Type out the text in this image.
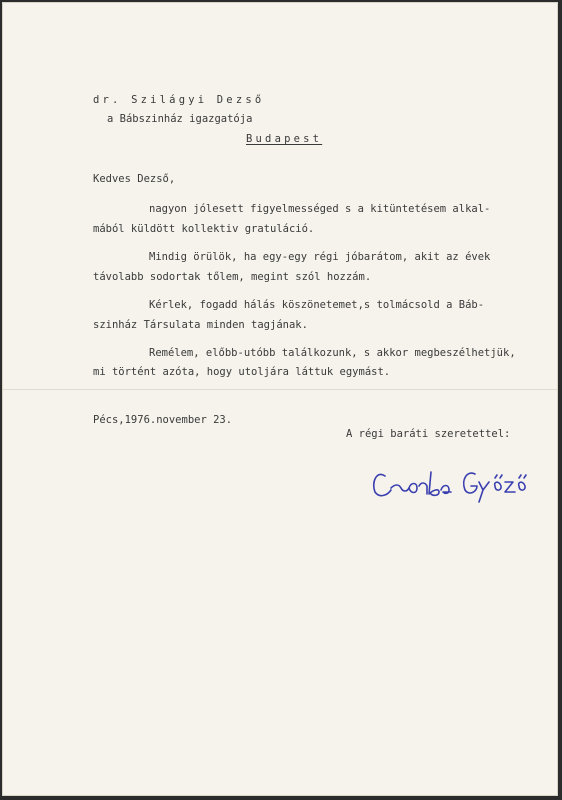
dr. Szilágyi Dezső
a Bábszinház igazgatója
Budapest
Kedves Dezső,
nagyon jólesett figyelmességed s a kitüntetésem alkal-
mából küldött kollektiv gratuláció.
Mindig örülök, ha egy-egy régi jóbarátom, akit az évek
távolabb sodortak tőlem, megint szól hozzám.
Kérlek, fogadd hálás köszönetemet,s tolmácsold a Báb-
szinház Társulata minden tagjának.
Remélem, előbb-utóbb találkozunk, s akkor megbeszélhetjük,
mi történt azóta, hogy utoljára láttuk egymást.
Pécs,1976.november 23.
A régi baráti szeretettel:
